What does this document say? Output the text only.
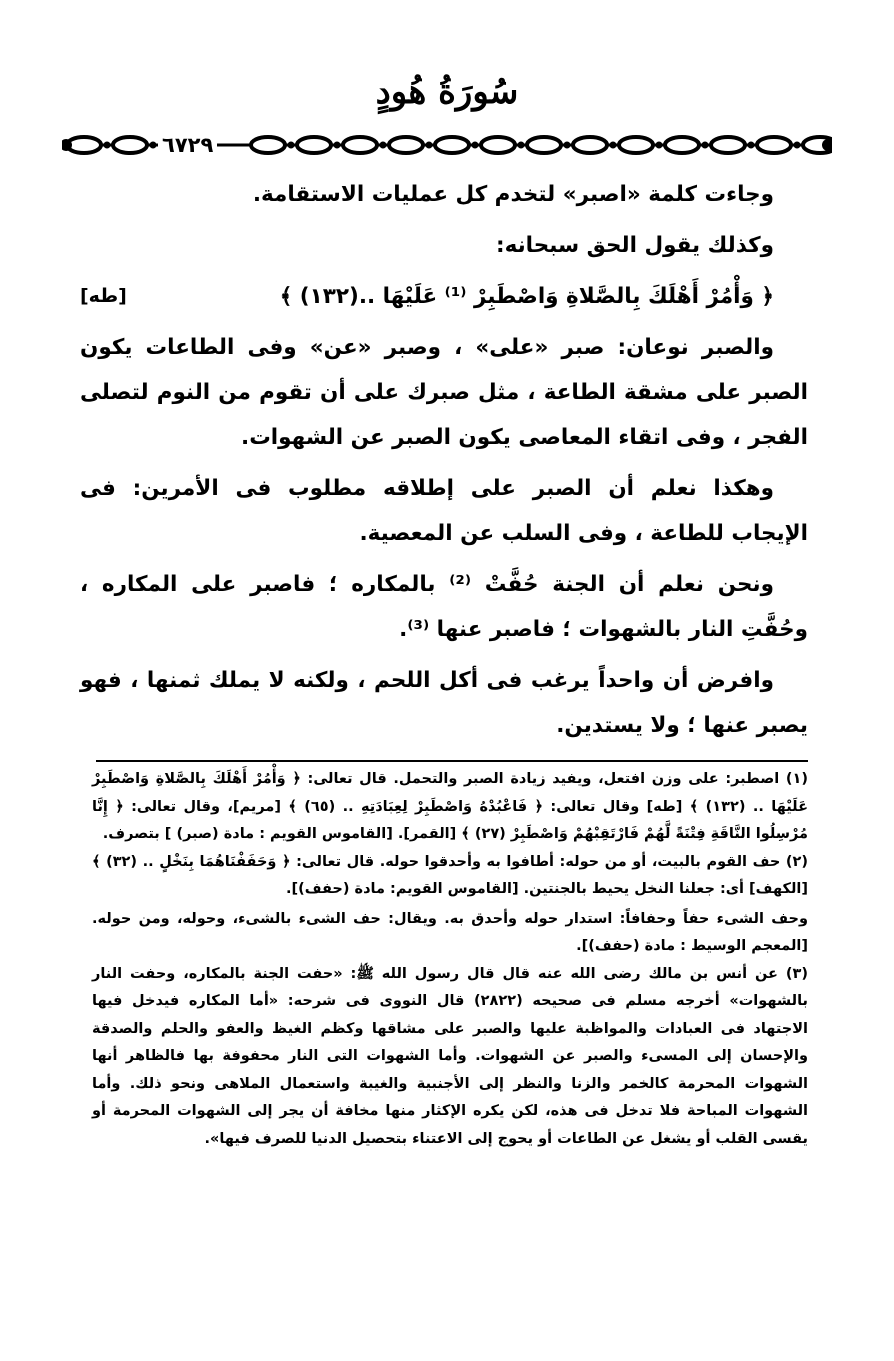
سُورَةُ هُودٍ
٦٧٢٩

وجاءت كلمة «اصبر» لتخدم كل عمليات الاستقامة.

وكذلك يقول الحق سبحانه:

﴿ وَأْمُرْ أَهْلَكَ بِالصَّلاةِ وَاصْطَبِرْ ⁽¹⁾ عَلَيْهَا ..(١٣٢) ﴾
[طه]

والصبر نوعان: صبر «على» ، وصبر «عن» وفى الطاعات يكون الصبر على مشقة الطاعة ، مثل صبرك على أن تقوم من النوم لتصلى الفجر ، وفى اتقاء المعاصى يكون الصبر عن الشهوات.

وهكذا نعلم أن الصبر على إطلاقه مطلوب فى الأمرين: فى الإيجاب للطاعة ، وفى السلب عن المعصية.

ونحن نعلم أن الجنة حُفَّتْ ⁽²⁾ بالمكاره ؛ فاصبر على المكاره ، وحُفَّتِ النار بالشهوات ؛ فاصبر عنها ⁽³⁾.

وافرض أن واحداً يرغب فى أكل اللحم ، ولكنه لا يملك ثمنها ، فهو يصبر عنها ؛ ولا يستدين.

(١) اصطبر: على وزن افتعل، ويفيد زيادة الصبر والتحمل. قال تعالى: ﴿ وَأْمُرْ أَهْلَكَ بِالصَّلاةِ وَاصْطَبِرْ عَلَيْهَا .. (١٣٢) ﴾ [طه] وقال تعالى: ﴿ فَاعْبُدْهُ وَاصْطَبِرْ لِعِبَادَتِهِ .. (٦٥) ﴾ [مريم]، وقال تعالى: ﴿ إِنَّا مُرْسِلُوا النَّاقَةِ فِتْنَةً لَّهُمْ فَارْتَقِبْهُمْ وَاصْطَبِرْ (٢٧) ﴾ [القمر]. [القاموس القويم : مادة (صبر) ] بتصرف.

(٢) حف القوم بالبيت، أو من حوله: أطافوا به وأحدقوا حوله. قال تعالى: ﴿ وَحَفَفْنَاهُمَا بِنَخْلٍ .. (٣٢) ﴾ [الكهف] أى: جعلنا النخل يحيط بالجنتين. [القاموس القويم: مادة (حفف)].

وحف الشىء حفاً وحفافاً: استدار حوله وأحدق به. ويقال: حف الشىء بالشىء، وحوله، ومن حوله. [المعجم الوسيط : مادة (حفف)].

(٣) عن أنس بن مالك رضى الله عنه قال قال رسول الله ﷺ: «حفت الجنة بالمكاره، وحفت النار بالشهوات» أخرجه مسلم فى صحيحه (٢٨٢٢) قال النووى فى شرحه: «أما المكاره فيدخل فيها الاجتهاد فى العبادات والمواظبة عليها والصبر على مشاقها وكظم الغيظ والعفو والحلم والصدقة والإحسان إلى المسىء والصبر عن الشهوات. وأما الشهوات التى النار محفوفة بها فالظاهر أنها الشهوات المحرمة كالخمر والزنا والنظر إلى الأجنبية والغيبة واستعمال الملاهى ونحو ذلك. وأما الشهوات المباحة فلا تدخل فى هذه، لكن يكره الإكثار منها مخافة أن يجر إلى الشهوات المحرمة أو يقسى القلب أو يشغل عن الطاعات أو يحوج إلى الاعتناء بتحصيل الدنيا للصرف فيها».
